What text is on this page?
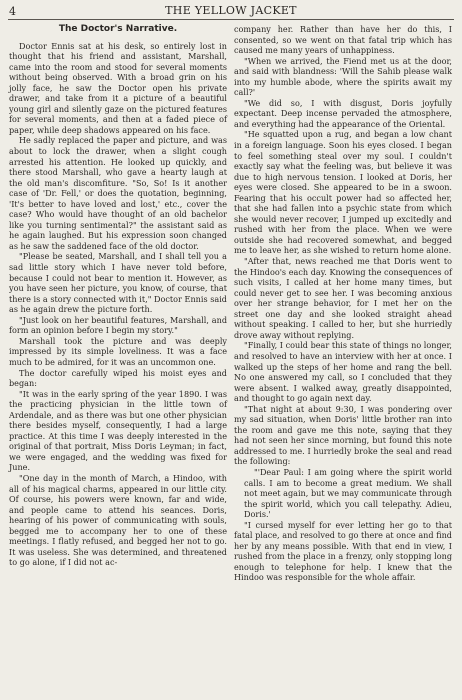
4	THE YELLOW JACKET
The Doctor's Narrative.

Doctor Ennis sat at his desk, so entirely lost in thought that his friend and assistant, Marshall, came into the room and stood for several moments without being observed. With a broad grin on his jolly face, he saw the Doctor open his private drawer, and take from it a picture of a beautiful young girl and silently gaze on the pictured features for several moments, and then at a faded piece of paper, while deep shadows appeared on his face.

He sadly replaced the paper and picture, and was about to lock the drawer, when a slight cough arrested his attention. He looked up quickly, and there stood Marshall, who gave a hearty laugh at the old man's discomfiture. "So, So! Is it another case of 'Dr. Fell,' or does the quotation, beginning, 'It's better to have loved and lost,' etc., cover the case? Who would have thought of an old bachelor like you turning sentimental?" the assistant said as he again laughed. But his expression soon changed as he saw the saddened face of the old doctor.

"Please be seated, Marshall, and I shall tell you a sad little story which I have never told before, because I could not bear to mention it. However, as you have seen her picture, you know, of course, that there is a story connected with it," Doctor Ennis said as he again drew the picture forth.

"Just look on her beautiful features, Marshall, and form an opinion before I begin my story."

Marshall took the picture and was deeply impressed by its simple loveliness. It was a face much to be admired, for it was an uncommon one.

The doctor carefully wiped his moist eyes and began:

"It was in the early spring of the year 1890. I was the practicing physician in the little town of Ardendale, and as there was but one other physician there besides myself, consequently, I had a large practice. At this time I was deeply interested in the original of that portrait, Miss Doris Leyman; in fact, we were engaged, and the wedding was fixed for June.

"One day in the month of March, a Hindoo, with all of his magical charms, appeared in our little city. Of course, his powers were known, far and wide, and people came to attend his seances. Doris, hearing of his power of communicating with souls, begged me to accompany her to one of these meetings. I flatly refused, and begged her not to go. It was useless. She was determined, and threatened to go alone, if I did not ac-

company her. Rather than have her do this, I consented, so we went on that fatal trip which has caused me many years of unhappiness.

"When we arrived, the Fiend met us at the door, and said with blandness: 'Will the Sahib please walk into my humble abode, where the spirits await my call?'

"We did so, I with disgust, Doris joyfully expectant. Deep incense pervaded the atmosphere, and everything had the appearance of the Oriental.

"He squatted upon a rug, and began a low chant in a foreign language. Soon his eyes closed. I began to feel something steal over my soul. I couldn't exactly say what the feeling was, but believe it was due to high nervous tension. I looked at Doris, her eyes were closed. She appeared to be in a swoon. Fearing that his occult power had so affected her, that she had fallen into a psychic state from which she would never recover, I jumped up excitedly and rushed with her from the place. When we were outside she had recovered somewhat, and begged me to leave her, as she wished to return home alone.

"After that, news reached me that Doris went to the Hindoo's each day. Knowing the consequences of such visits, I called at her home many times, but could never get to see her. I was becoming anxious over her strange behavior, for I met her on the street one day and she looked straight ahead without speaking. I called to her, but she hurriedly drove away without replying.

"Finally, I could bear this state of things no longer, and resolved to have an interview with her at once. I walked up the steps of her home and rang the bell. No one answered my call, so I concluded that they were absent. I walked away, greatly disappointed, and thought to go again next day.

"That night at about 9:30, I was pondering over my sad situation, when Doris' little brother ran into the room and gave me this note, saying that they had not seen her since morning, but found this note addressed to me. I hurriedly broke the seal and read the following:

"'Dear Paul: I am going where the spirit world calls. I am to become a great medium. We shall not meet again, but we may communicate through the spirit world, which you call telepathy. Adieu, Doris.'

"I cursed myself for ever letting her go to that fatal place, and resolved to go there at once and find her by any means possible. With that end in view, I rushed from the place in a frenzy, only stopping long enough to telephone for help. I knew that the Hindoo was responsible for the whole affair.
